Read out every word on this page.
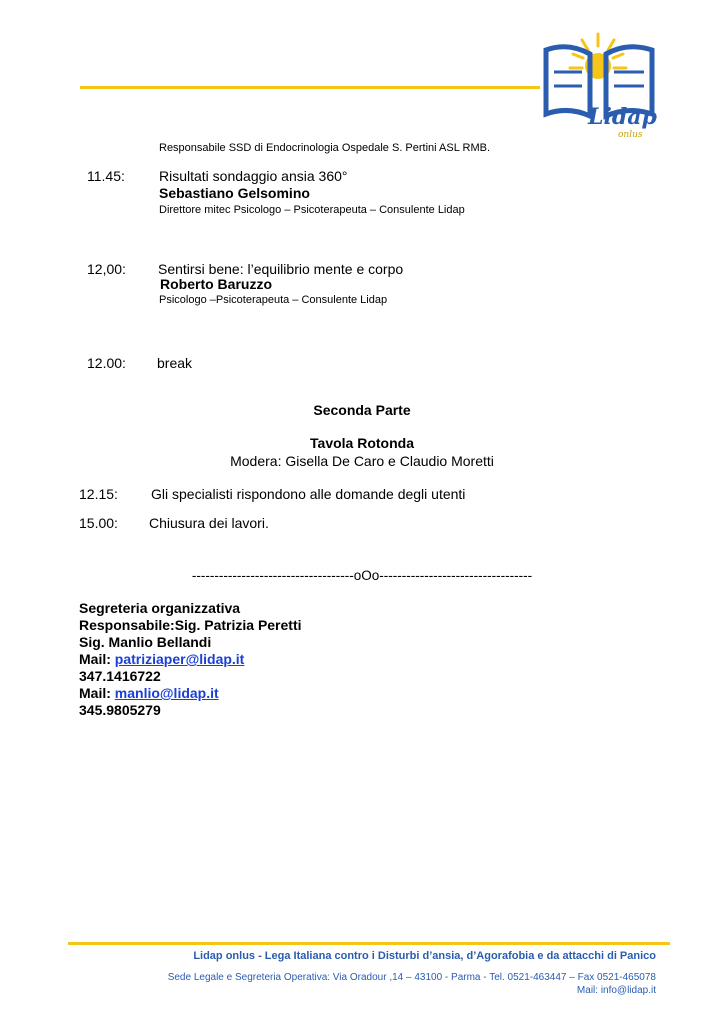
Lidap
onlus
Responsabile SSD di Endocrinologia Ospedale S. Pertini ASL RMB.
11.45: Risultati sondaggio ansia 360°
Sebastiano Gelsomino
Direttore mitec Psicologo – Psicoterapeuta – Consulente Lidap
12,00: Sentirsi bene: l’equilibrio mente e corpo
Roberto Baruzzo
Psicologo –Psicoterapeuta – Consulente Lidap
12.00: break
Seconda Parte
Tavola Rotonda
Modera: Gisella De Caro e Claudio Moretti
12.15: Gli specialisti rispondono alle domande degli utenti
15.00: Chiusura dei lavori.
------------------------------------oOo----------------------------------
Segreteria organizzativa
Responsabile:Sig. Patrizia Peretti
Sig. Manlio Bellandi
Mail: patriziaper@lidap.it
347.1416722
Mail: manlio@lidap.it
345.9805279
Lidap onlus - Lega Italiana contro i Disturbi d’ansia, d’Agorafobia e da attacchi di Panico
Sede Legale e Segreteria Operativa: Via Oradour ,14 – 43100 - Parma - Tel. 0521-463447 – Fax 0521-465078
Mail: info@lidap.it
